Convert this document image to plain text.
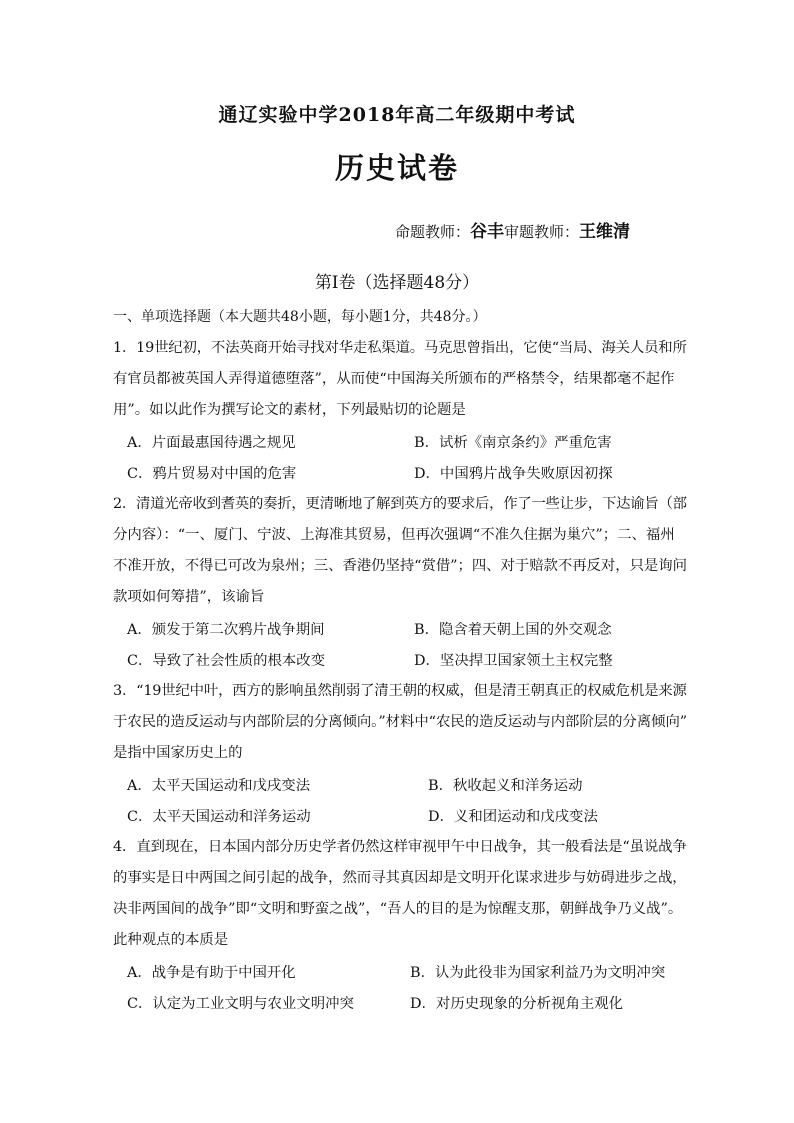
通辽实验中学2018年高二年级期中考试
历史试卷
命题教师：谷丰审题教师：王维清
第Ⅰ卷（选择题48分）
一、单项选择题（本大题共48小题，每小题1分，共48分。）
1．19世纪初，不法英商开始寻找对华走私渠道。马克思曾指出，它使“当局、海关人员和所
有官员都被英国人弄得道德堕落”，从而使“中国海关所颁布的严格禁令，结果都毫不起作
用”。如以此作为撰写论文的素材，下列最贴切的论题是
A．片面最惠国待遇之规见	B．试析《南京条约》严重危害
C．鸦片贸易对中国的危害	D．中国鸦片战争失败原因初探
2．清道光帝收到耆英的奏折，更清晰地了解到英方的要求后，作了一些让步，下达谕旨（部
分内容）：“一、厦门、宁波、上海准其贸易，但再次强调“不准久住据为巢穴”；二、福州
不准开放，不得已可改为泉州；三、香港仍坚持“赏借”；四、对于赔款不再反对，只是询问
款项如何筹措”，该谕旨
A．颁发于第二次鸦片战争期间	B．隐含着天朝上国的外交观念
C．导致了社会性质的根本改变	D．坚决捍卫国家领土主权完整
3．“19世纪中叶，西方的影响虽然削弱了清王朝的权威，但是清王朝真正的权威危机是来源
于农民的造反运动与内部阶层的分离倾向。”材料中“农民的造反运动与内部阶层的分离倾向”
是指中国家历史上的
A．太平天国运动和戊戌变法	B．秋收起义和洋务运动
C．太平天国运动和洋务运动	D．义和团运动和戊戌变法
4．直到现在，日本国内部分历史学者仍然这样审视甲午中日战争，其一般看法是“虽说战争
的事实是日中两国之间引起的战争，然而寻其真因却是文明开化谋求进步与妨碍进步之战，
决非两国间的战争”即“文明和野蛮之战”，“吾人的目的是为惊醒支那，朝鲜战争乃义战”。
此种观点的本质是
A．战争是有助于中国开化	B．认为此役非为国家利益乃为文明冲突
C．认定为工业文明与农业文明冲突	D．对历史现象的分析视角主观化
